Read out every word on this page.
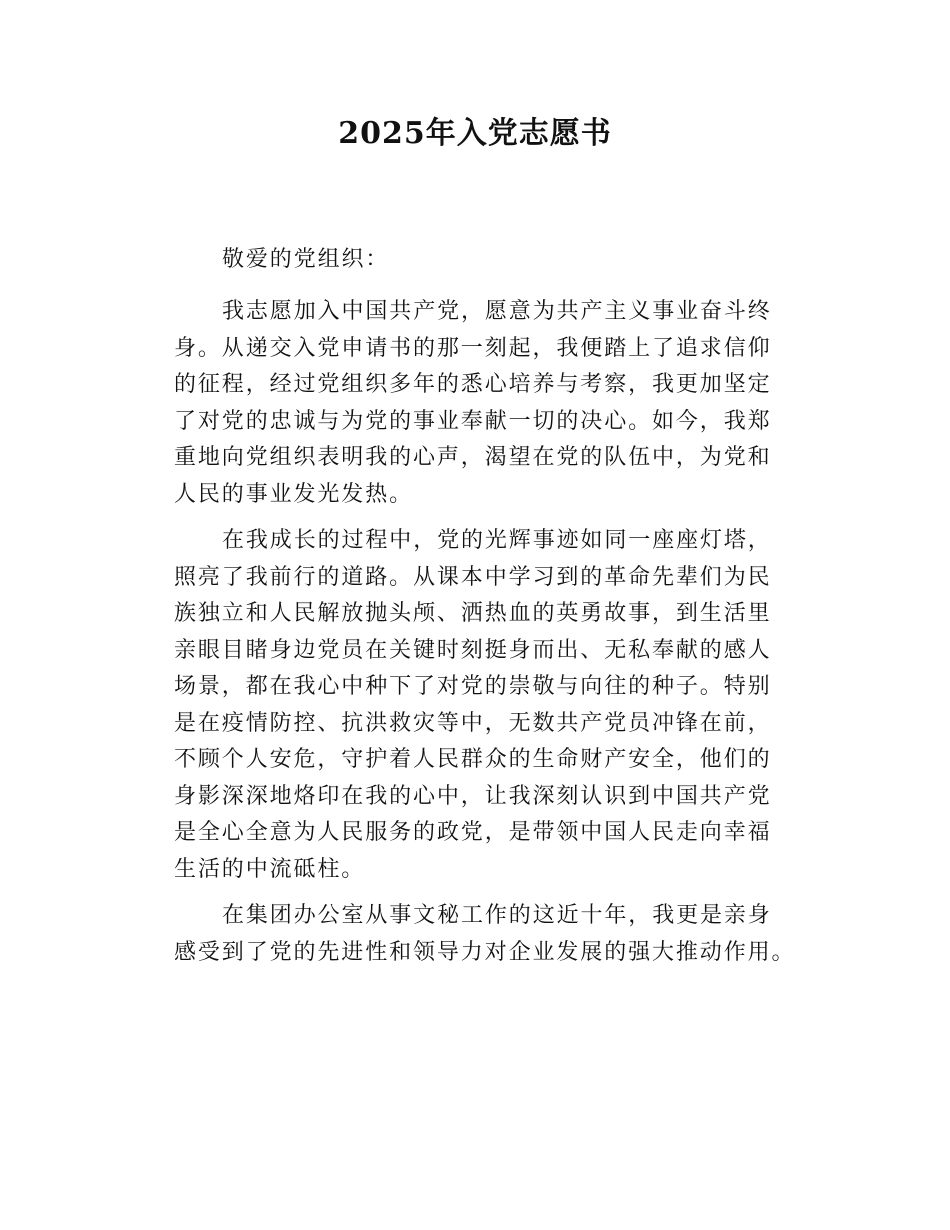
2025年入党志愿书

敬爱的党组织：

我志愿加入中国共产党，愿意为共产主义事业奋斗终
身。从递交入党申请书的那一刻起，我便踏上了追求信仰
的征程，经过党组织多年的悉心培养与考察，我更加坚定
了对党的忠诚与为党的事业奉献一切的决心。如今，我郑
重地向党组织表明我的心声，渴望在党的队伍中，为党和
人民的事业发光发热。

在我成长的过程中，党的光辉事迹如同一座座灯塔，
照亮了我前行的道路。从课本中学习到的革命先辈们为民
族独立和人民解放抛头颅、洒热血的英勇故事，到生活里
亲眼目睹身边党员在关键时刻挺身而出、无私奉献的感人
场景，都在我心中种下了对党的崇敬与向往的种子。特别
是在疫情防控、抗洪救灾等中，无数共产党员冲锋在前，
不顾个人安危，守护着人民群众的生命财产安全，他们的
身影深深地烙印在我的心中，让我深刻认识到中国共产党
是全心全意为人民服务的政党，是带领中国人民走向幸福
生活的中流砥柱。

在集团办公室从事文秘工作的这近十年，我更是亲身
感受到了党的先进性和领导力对企业发展的强大推动作用。
